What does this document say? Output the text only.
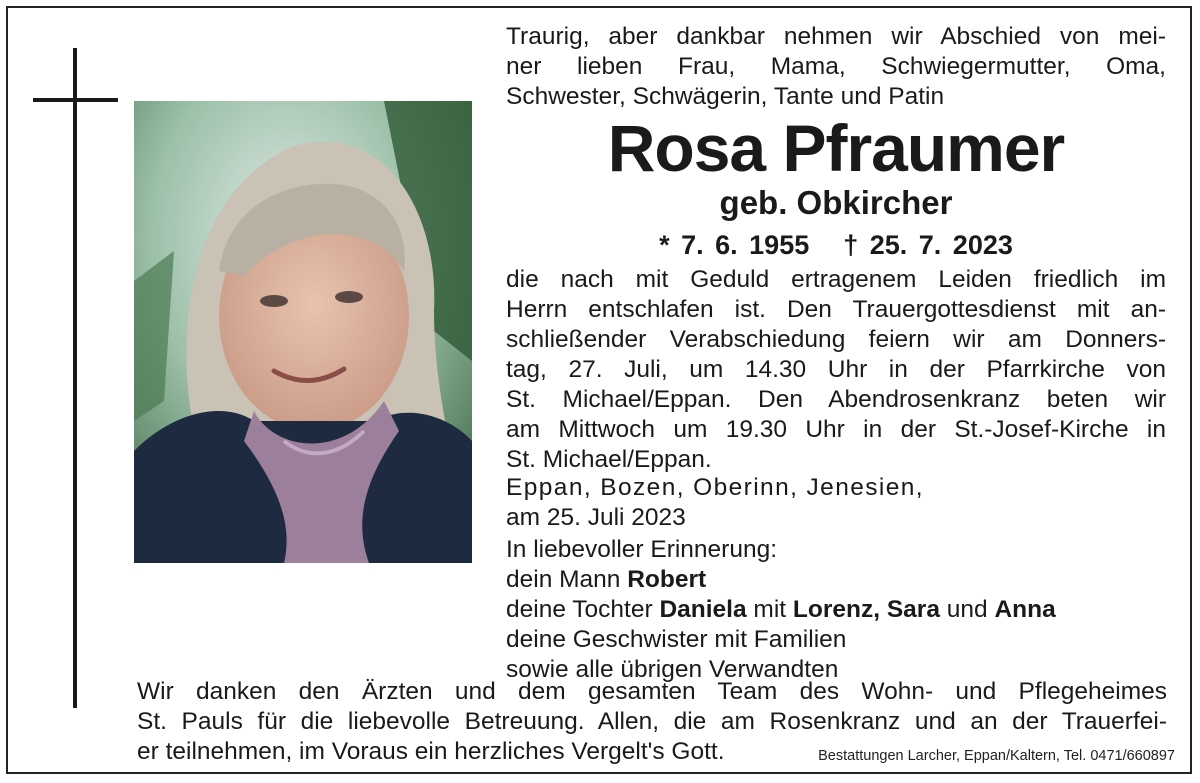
Traurig, aber dankbar nehmen wir Abschied von mei-
ner lieben Frau, Mama, Schwiegermutter, Oma,
Schwester, Schwägerin, Tante und Patin
Rosa Pfraumer
geb. Obkircher
* 7. 6. 1955 † 25. 7. 2023
die nach mit Geduld ertragenem Leiden friedlich im
Herrn entschlafen ist. Den Trauergottesdienst mit an-
schließender Verabschiedung feiern wir am Donners-
tag, 27. Juli, um 14.30 Uhr in der Pfarrkirche von
St. Michael/Eppan. Den Abendrosenkranz beten wir
am Mittwoch um 19.30 Uhr in der St.-Josef-Kirche in
St. Michael/Eppan.
Eppan, Bozen, Oberinn, Jenesien,
am 25. Juli 2023
In liebevoller Erinnerung:
dein Mann Robert
deine Tochter Daniela mit Lorenz, Sara und Anna
deine Geschwister mit Familien
sowie alle übrigen Verwandten
Wir danken den Ärzten und dem gesamten Team des Wohn- und Pflegeheimes
St. Pauls für die liebevolle Betreuung. Allen, die am Rosenkranz und an der Trauerfei-
er teilnehmen, im Voraus ein herzliches Vergelt's Gott.	Bestattungen Larcher, Eppan/Kaltern, Tel. 0471/660897
